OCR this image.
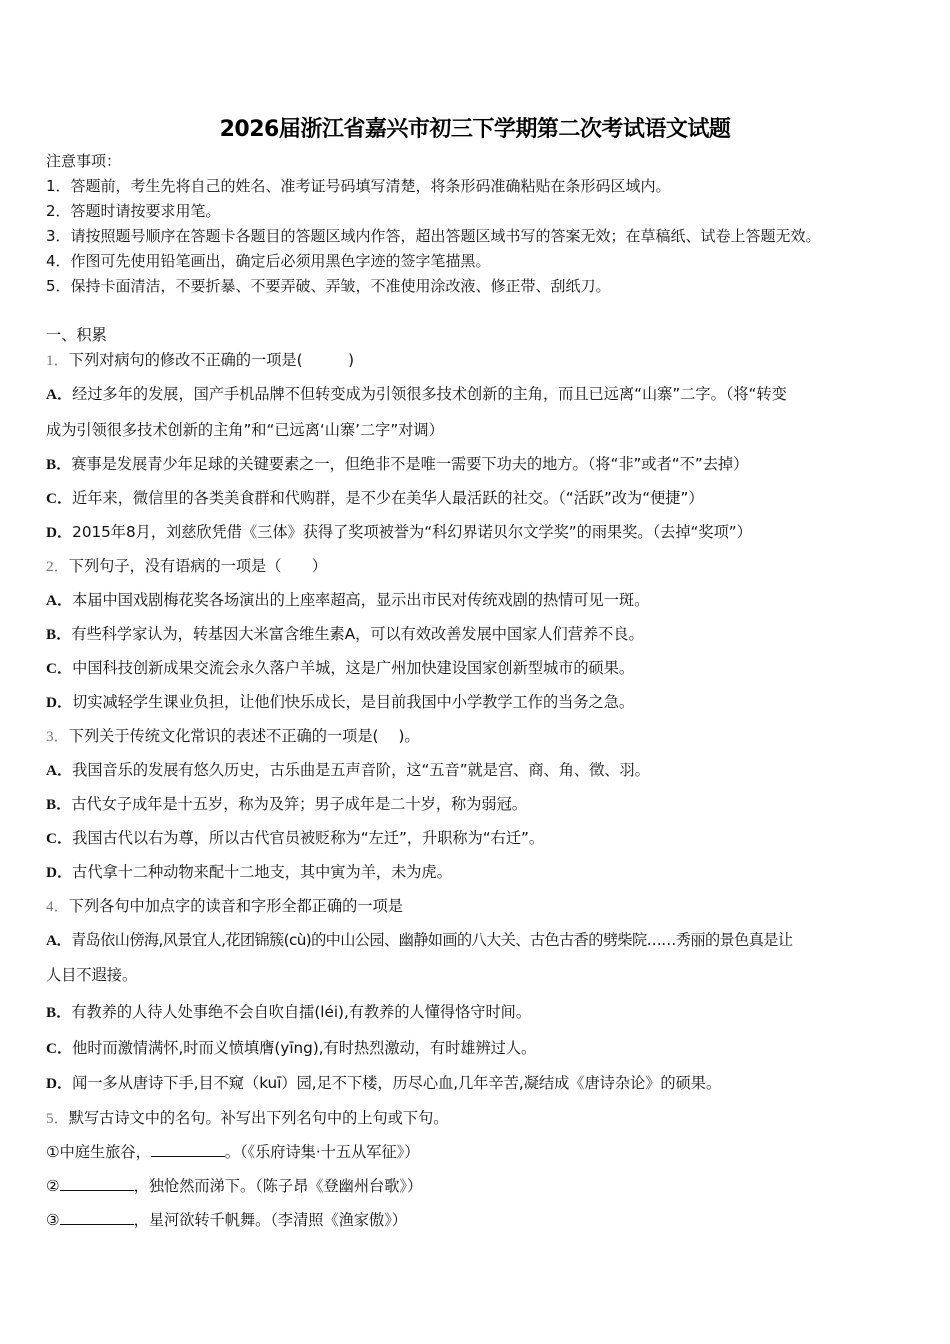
2026届浙江省嘉兴市初三下学期第二次考试语文试题
注意事项：
1．答题前，考生先将自己的姓名、准考证号码填写清楚，将条形码准确粘贴在条形码区域内。
2．答题时请按要求用笔。
3．请按照题号顺序在答题卡各题目的答题区域内作答，超出答题区域书写的答案无效；在草稿纸、试卷上答题无效。
4．作图可先使用铅笔画出，确定后必须用黑色字迹的签字笔描黑。
5．保持卡面清洁，不要折暴、不要弄破、弄皱，不准使用涂改液、修正带、刮纸刀。
一、积累
1．下列对病句的修改不正确的一项是(　　　)
A．经过多年的发展，国产手机品牌不但转变成为引领很多技术创新的主角，而且已远离“山寨”二字。（将“转变
成为引领很多技术创新的主角”和“已远离‘山寨’二字”对调）
B．赛事是发展青少年足球的关键要素之一，但绝非不是唯一需要下功夫的地方。（将“非”或者“不”去掉）
C．近年来，微信里的各类美食群和代购群，是不少在美华人最活跃的社交。（“活跃”改为“便捷”）
D．2015年8月，刘慈欣凭借《三体》获得了奖项被誉为“科幻界诺贝尔文学奖”的雨果奖。（去掉“奖项”）
2．下列句子，没有语病的一项是（　　）
A．本届中国戏剧梅花奖各场演出的上座率超高，显示出市民对传统戏剧的热情可见一斑。
B．有些科学家认为，转基因大米富含维生素A，可以有效改善发展中国家人们营养不良。
C．中国科技创新成果交流会永久落户羊城，这是广州加快建设国家创新型城市的硕果。
D．切实减轻学生课业负担，让他们快乐成长，是目前我国中小学教学工作的当务之急。
3．下列关于传统文化常识的表述不正确的一项是(　 )。
A．我国音乐的发展有悠久历史，古乐曲是五声音阶，这“五音”就是宫、商、角、徵、羽。
B．古代女子成年是十五岁，称为及笄；男子成年是二十岁，称为弱冠。
C．我国古代以右为尊，所以古代官员被贬称为“左迁”，升职称为“右迁”。
D．古代拿十二种动物来配十二地支，其中寅为羊，未为虎。
4．下列各句中加点字的读音和字形全都正确的一项是
A．青岛依山傍海,风景宜人,花团锦簇(cù)的中山公园、幽静如画的八大关、古色古香的劈柴院……秀丽的景色真是让
人目不遐接。
B．有教养的人待人处事绝不会自吹自擂(léi),有教养的人懂得恪守时间。
C．他时而激情满怀,时而义愤填膺(yīng),有时热烈激动，有时雄辨过人。
D．闻一多从唐诗下手,目不窥（kuī）园,足不下楼，历尽心血,几年辛苦,凝结成《唐诗杂论》的硕果。
5．默写古诗文中的名句。补写出下列名句中的上句或下句。
①中庭生旅谷，	。（《乐府诗集·十五从军征》）
②	，独怆然而涕下。（陈子昂《登幽州台歌》）
③	，星河欲转千帆舞。（李清照《渔家傲》）
